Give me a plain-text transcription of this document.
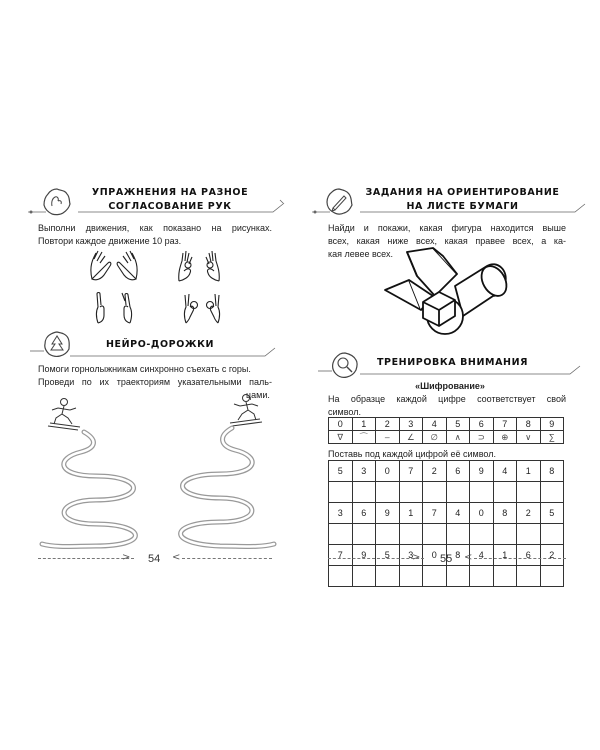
УПРАЖНЕНИЯ НА РАЗНОЕ
СОГЛАСОВАНИЕ РУК
Выполни движения, как показано на рисунках.
Повтори каждое движение 10 раз.
НЕЙРО-ДОРОЖКИ
Помоги горнолыжникам синхронно съехать с горы.
Проведи по их траекториям указательными паль-
цами.
> 54 <
ЗАДАНИЯ НА ОРИЕНТИРОВАНИЕ
НА ЛИСТЕ БУМАГИ
Найди и покажи, какая фигура находится выше
всех, какая ниже всех, какая правее всех, а ка-
кая левее всех.
ТРЕНИРОВКА ВНИМАНИЯ
«Шифрование»
На образце каждой цифре соответствует свой
символ.
0	1	2	3	4	5	6	7	8	9
∇	⌒	–	∠	∅	∧	⊃	⊕	∨	∑
Поставь под каждой цифрой её символ.
5	3	0	7	2	6	9	4	1	8

3	6	9	1	7	4	0	8	2	5

7	9	5	3	0	8	4	1	6	2

> 55 <
